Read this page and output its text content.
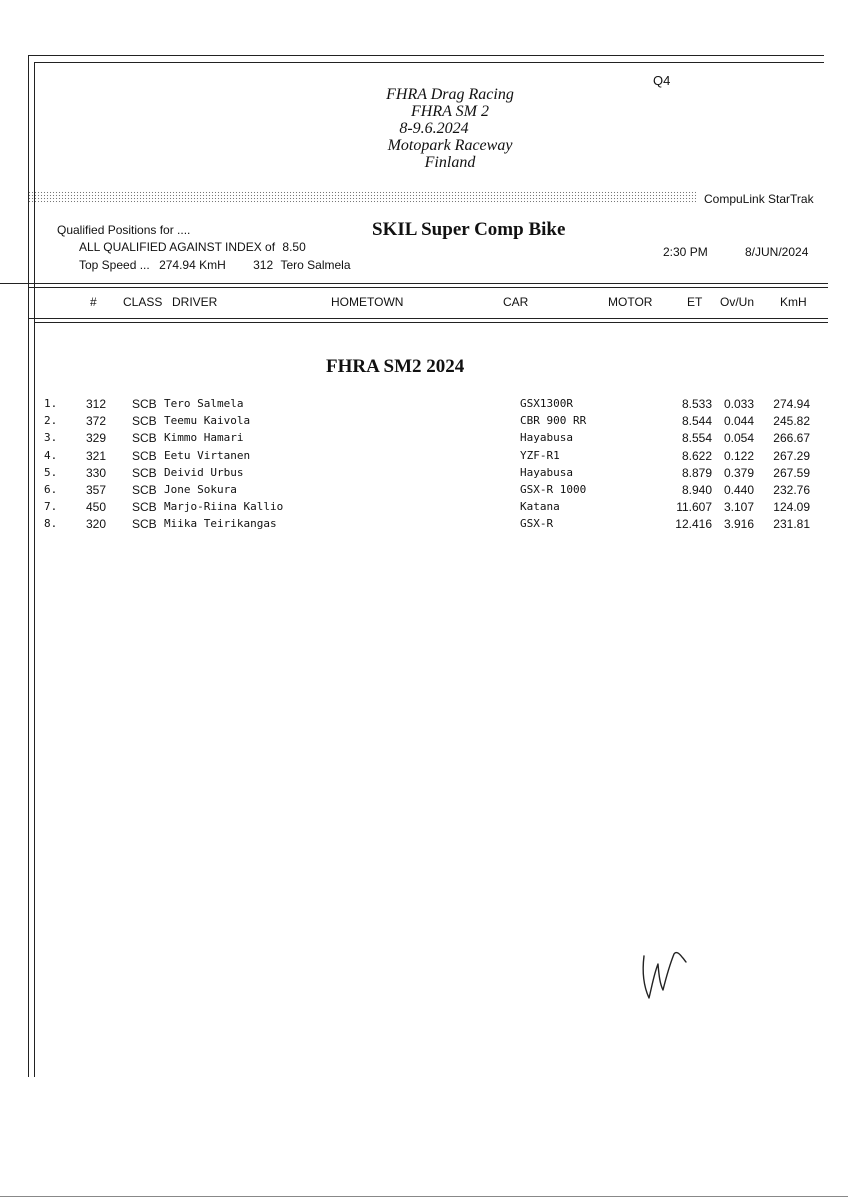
Q4
FHRA Drag Racing
FHRA SM 2
8-9.6.2024
Motopark Raceway
Finland
CompuLink StarTrak
Qualified Positions for ....
ALL QUALIFIED AGAINST INDEX of 8.50
Top Speed ... 274.94 KmH 312 Tero Salmela
SKIL Super Comp Bike
2:30 PM	8/JUN/2024
# CLASS DRIVER	HOMETOWN	CAR	MOTOR	ET Ov/Un KmH
FHRA SM2 2024
1.	312 SCB Tero Salmela	GSX1300R	8.533 0.033	274.94
2.	372 SCB Teemu Kaivola	CBR 900 RR	8.544 0.044	245.82
3.	329 SCB Kimmo Hamari	Hayabusa	8.554 0.054	266.67
4.	321 SCB Eetu Virtanen	YZF-R1	8.622 0.122	267.29
5.	330 SCB Deivid Urbus	Hayabusa	8.879 0.379	267.59
6.	357 SCB Jone Sokura	GSX-R 1000	8.940 0.440	232.76
7.	450 SCB Marjo-Riina Kallio	Katana	11.607 3.107	124.09
8.	320 SCB Miika Teirikangas	GSX-R	12.416 3.916	231.81
